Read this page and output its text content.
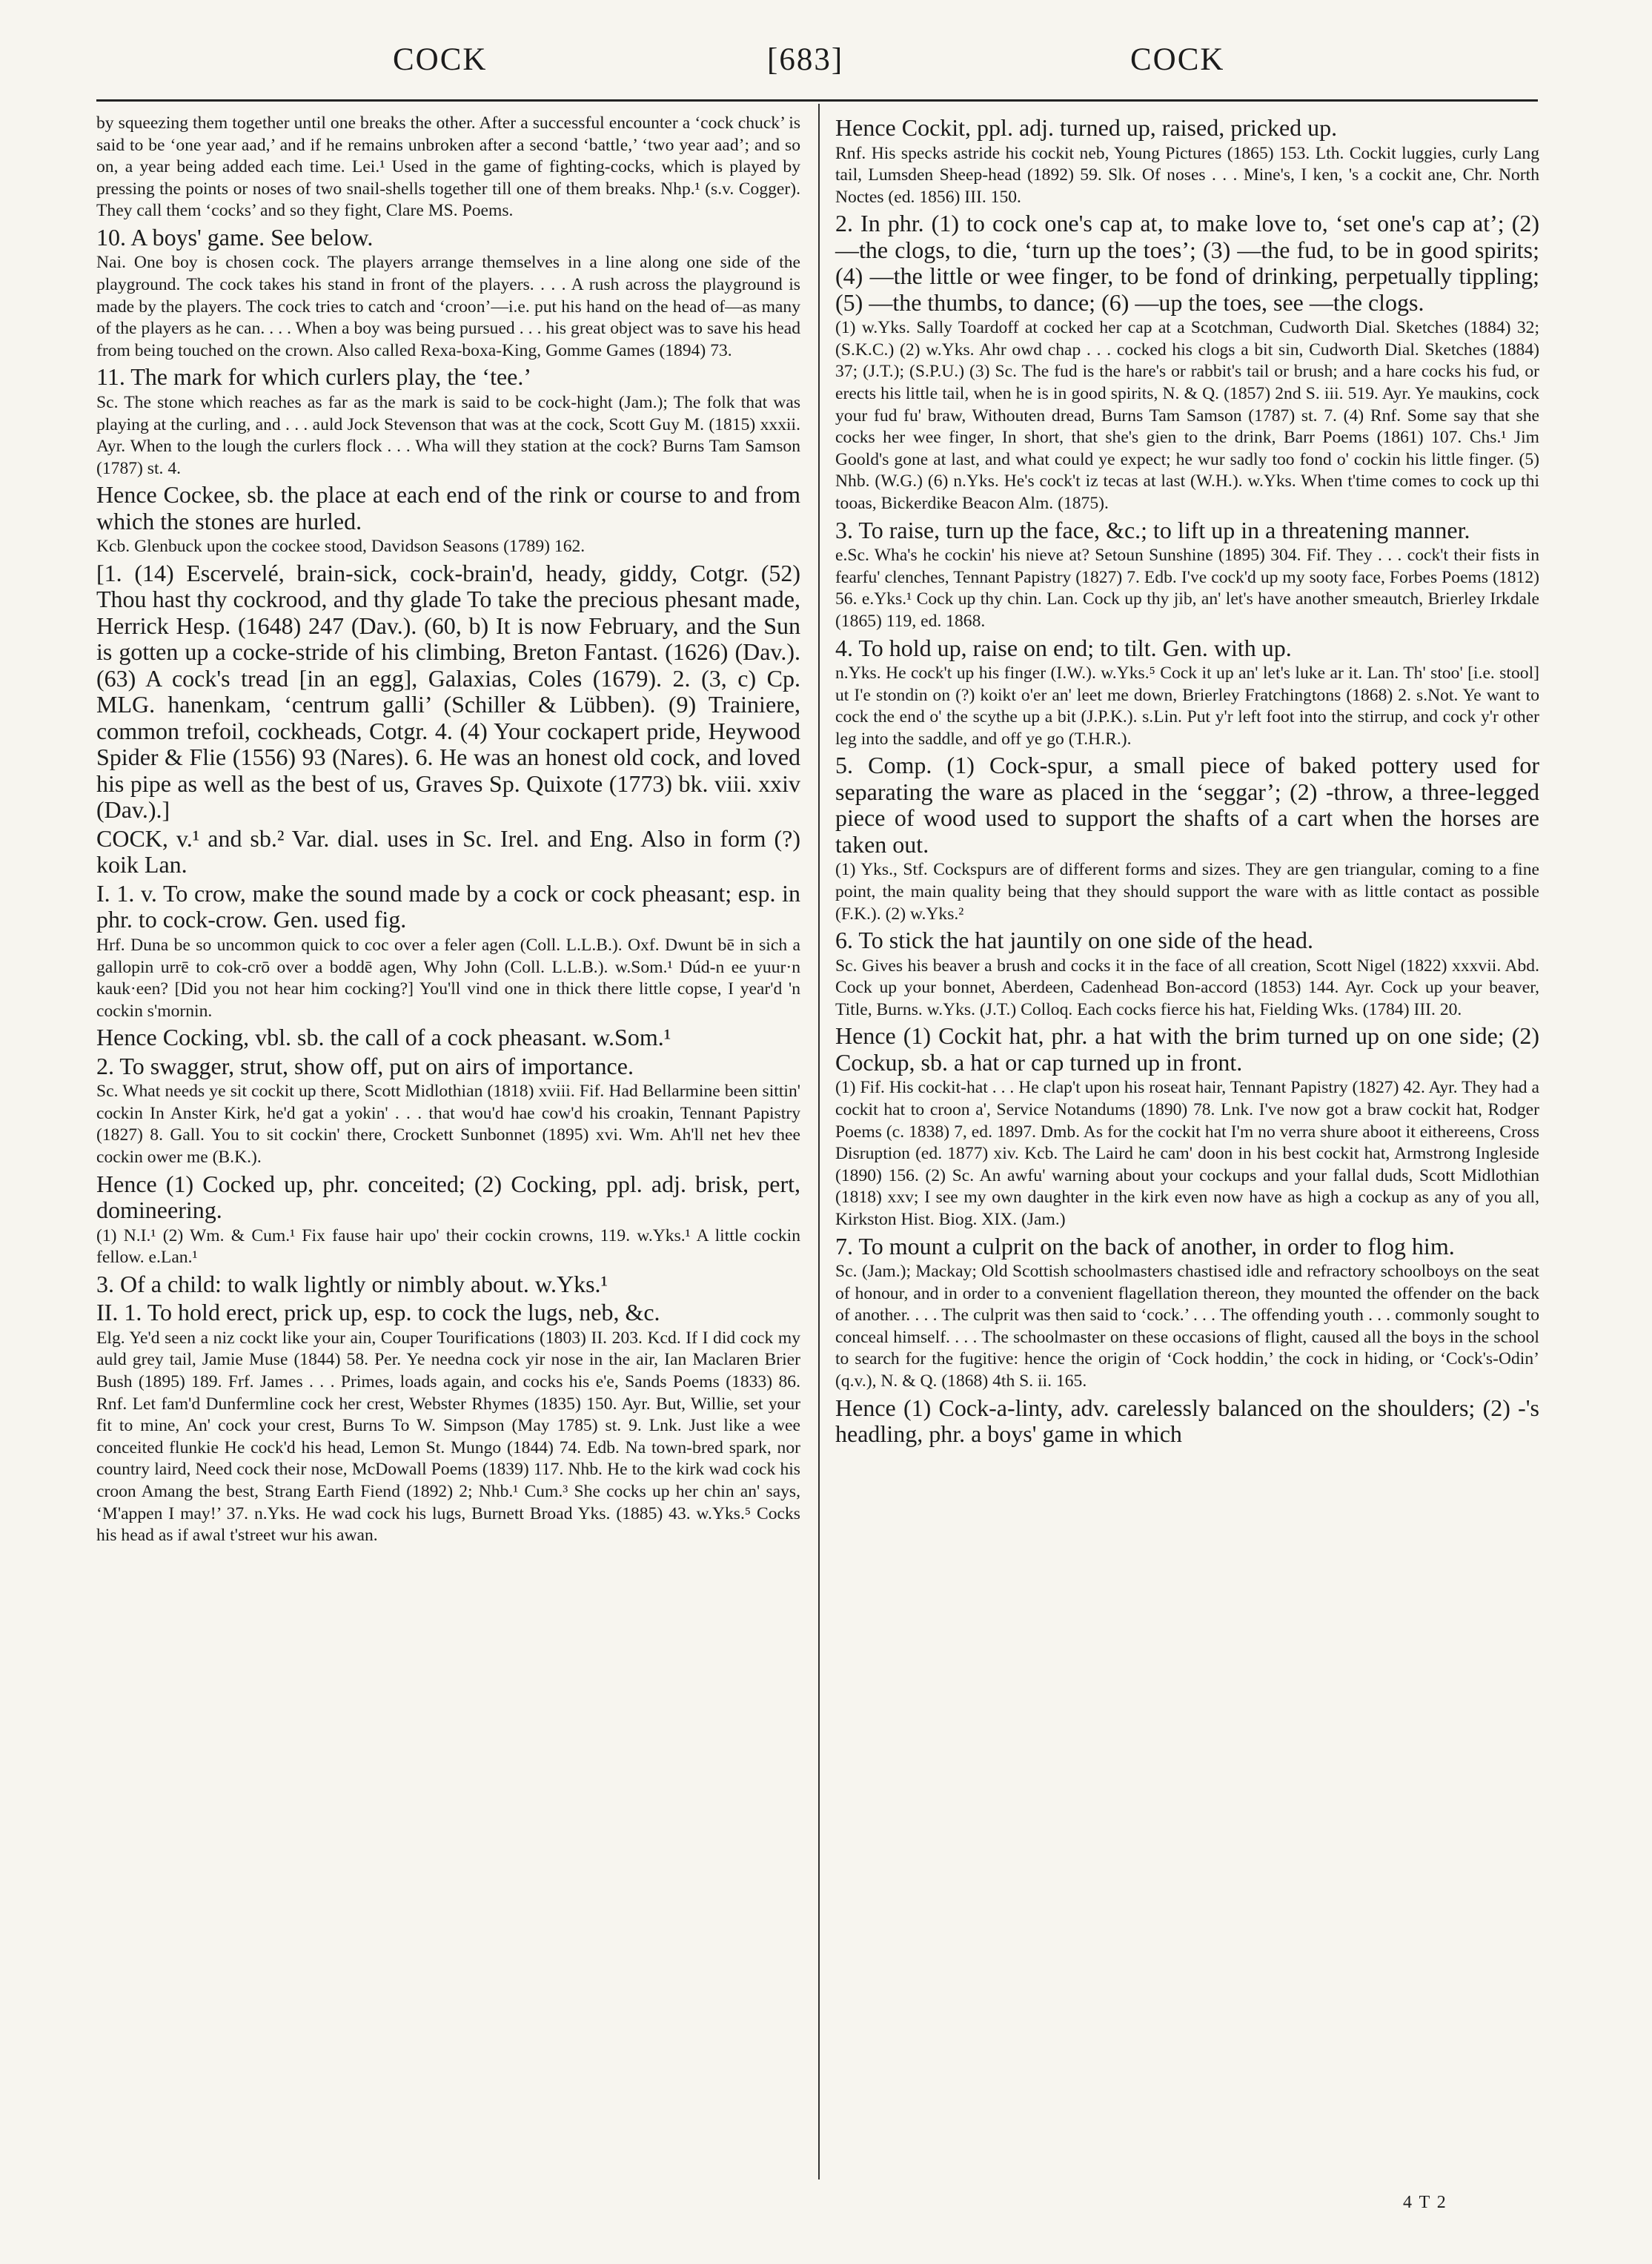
COCK	[683]	COCK

by squeezing them together until one breaks the other. After a successful encounter a ‘cock chuck’ is said to be ‘one year aad,’ and if he remains unbroken after a second ‘battle,’ ‘two year aad’; and so on, a year being added each time. Lei.¹ Used in the game of fighting-cocks, which is played by pressing the points or noses of two snail-shells together till one of them breaks. Nhp.¹ (s.v. Cogger). They call them ‘cocks’ and so they fight, Clare MS. Poems.

10. A boys' game. See below.

Nai. One boy is chosen cock. The players arrange themselves in a line along one side of the playground. The cock takes his stand in front of the players. . . . A rush across the playground is made by the players. The cock tries to catch and ‘croon’—i.e. put his hand on the head of—as many of the players as he can. . . . When a boy was being pursued . . . his great object was to save his head from being touched on the crown. Also called Rexa-boxa-King, Gomme Games (1894) 73.

11. The mark for which curlers play, the ‘tee.’

Sc. The stone which reaches as far as the mark is said to be cock-hight (Jam.); The folk that was playing at the curling, and . . . auld Jock Stevenson that was at the cock, Scott Guy M. (1815) xxxii. Ayr. When to the lough the curlers flock . . . Wha will they station at the cock? Burns Tam Samson (1787) st. 4.

Hence Cockee, sb. the place at each end of the rink or course to and from which the stones are hurled.

Kcb. Glenbuck upon the cockee stood, Davidson Seasons (1789) 162.

[1. (14) Escervelé, brain-sick, cock-brain'd, heady, giddy, Cotgr. (52) Thou hast thy cockrood, and thy glade To take the precious phesant made, Herrick Hesp. (1648) 247 (Dav.). (60, b) It is now February, and the Sun is gotten up a cocke-stride of his climbing, Breton Fantast. (1626) (Dav.). (63) A cock's tread [in an egg], Galaxias, Coles (1679). 2. (3, c) Cp. MLG. hanenkam, ‘centrum galli’ (Schiller & Lübben). (9) Trainiere, common trefoil, cockheads, Cotgr. 4. (4) Your cockapert pride, Heywood Spider & Flie (1556) 93 (Nares). 6. He was an honest old cock, and loved his pipe as well as the best of us, Graves Sp. Quixote (1773) bk. viii. xxiv (Dav.).]

COCK, v.¹ and sb.² Var. dial. uses in Sc. Irel. and Eng. Also in form (?) koik Lan.

I. 1. v. To crow, make the sound made by a cock or cock pheasant; esp. in phr. to cock-crow. Gen. used fig.

Hrf. Duna be so uncommon quick to coc over a feler agen (Coll. L.L.B.). Oxf. Dwunt bē in sich a gallopin urrē to cok-crō over a boddē agen, Why John (Coll. L.L.B.). w.Som.¹ Dúd-n ee yuur·n kauk·een? [Did you not hear him cocking?] You'll vind one in thick there little copse, I year'd 'n cockin s'mornin.

Hence Cocking, vbl. sb. the call of a cock pheasant. w.Som.¹

2. To swagger, strut, show off, put on airs of importance.

Sc. What needs ye sit cockit up there, Scott Midlothian (1818) xviii. Fif. Had Bellarmine been sittin' cockin In Anster Kirk, he'd gat a yokin' . . . that wou'd hae cow'd his croakin, Tennant Papistry (1827) 8. Gall. You to sit cockin' there, Crockett Sunbonnet (1895) xvi. Wm. Ah'll net hev thee cockin ower me (B.K.).

Hence (1) Cocked up, phr. conceited; (2) Cocking, ppl. adj. brisk, pert, domineering.

(1) N.I.¹ (2) Wm. & Cum.¹ Fix fause hair upo' their cockin crowns, 119. w.Yks.¹ A little cockin fellow. e.Lan.¹

3. Of a child: to walk lightly or nimbly about. w.Yks.¹

II. 1. To hold erect, prick up, esp. to cock the lugs, neb, &c.

Elg. Ye'd seen a niz cockt like your ain, Couper Tourifications (1803) II. 203. Kcd. If I did cock my auld grey tail, Jamie Muse (1844) 58. Per. Ye needna cock yir nose in the air, Ian Maclaren Brier Bush (1895) 189. Frf. James . . . Primes, loads again, and cocks his e'e, Sands Poems (1833) 86. Rnf. Let fam'd Dunfermline cock her crest, Webster Rhymes (1835) 150. Ayr. But, Willie, set your fit to mine, An' cock your crest, Burns To W. Simpson (May 1785) st. 9. Lnk. Just like a wee conceited flunkie He cock'd his head, Lemon St. Mungo (1844) 74. Edb. Na town-bred spark, nor country laird, Need cock their nose, McDowall Poems (1839) 117. Nhb. He to the kirk wad cock his croon Amang the best, Strang Earth Fiend (1892) 2; Nhb.¹ Cum.³ She cocks up her chin an' says, ‘M'appen I may!’ 37. n.Yks. He wad cock his lugs, Burnett Broad Yks. (1885) 43. w.Yks.⁵ Cocks his head as if awal t'street wur his awan.

Hence Cockit, ppl. adj. turned up, raised, pricked up.

Rnf. His specks astride his cockit neb, Young Pictures (1865) 153. Lth. Cockit luggies, curly Lang tail, Lumsden Sheep-head (1892) 59. Slk. Of noses . . . Mine's, I ken, 's a cockit ane, Chr. North Noctes (ed. 1856) III. 150.

2. In phr. (1) to cock one's cap at, to make love to, ‘set one's cap at’; (2) —the clogs, to die, ‘turn up the toes’; (3) —the fud, to be in good spirits; (4) —the little or wee finger, to be fond of drinking, perpetually tippling; (5) —the thumbs, to dance; (6) —up the toes, see —the clogs.

(1) w.Yks. Sally Toardoff at cocked her cap at a Scotchman, Cudworth Dial. Sketches (1884) 32; (S.K.C.) (2) w.Yks. Ahr owd chap . . . cocked his clogs a bit sin, Cudworth Dial. Sketches (1884) 37; (J.T.); (S.P.U.) (3) Sc. The fud is the hare's or rabbit's tail or brush; and a hare cocks his fud, or erects his little tail, when he is in good spirits, N. & Q. (1857) 2nd S. iii. 519. Ayr. Ye maukins, cock your fud fu' braw, Withouten dread, Burns Tam Samson (1787) st. 7. (4) Rnf. Some say that she cocks her wee finger, In short, that she's gien to the drink, Barr Poems (1861) 107. Chs.¹ Jim Goold's gone at last, and what could ye expect; he wur sadly too fond o' cockin his little finger. (5) Nhb. (W.G.) (6) n.Yks. He's cock't iz tecas at last (W.H.). w.Yks. When t'time comes to cock up thi tooas, Bickerdike Beacon Alm. (1875).

3. To raise, turn up the face, &c.; to lift up in a threatening manner.

e.Sc. Wha's he cockin' his nieve at? Setoun Sunshine (1895) 304. Fif. They . . . cock't their fists in fearfu' clenches, Tennant Papistry (1827) 7. Edb. I've cock'd up my sooty face, Forbes Poems (1812) 56. e.Yks.¹ Cock up thy chin. Lan. Cock up thy jib, an' let's have another smeautch, Brierley Irkdale (1865) 119, ed. 1868.

4. To hold up, raise on end; to tilt. Gen. with up.

n.Yks. He cock't up his finger (I.W.). w.Yks.⁵ Cock it up an' let's luke ar it. Lan. Th' stoo' [i.e. stool] ut I'e stondin on (?) koikt o'er an' leet me down, Brierley Fratchingtons (1868) 2. s.Not. Ye want to cock the end o' the scythe up a bit (J.P.K.). s.Lin. Put y'r left foot into the stirrup, and cock y'r other leg into the saddle, and off ye go (T.H.R.).

5. Comp. (1) Cock-spur, a small piece of baked pottery used for separating the ware as placed in the ‘seggar’; (2) -throw, a three-legged piece of wood used to support the shafts of a cart when the horses are taken out.

(1) Yks., Stf. Cockspurs are of different forms and sizes. They are gen triangular, coming to a fine point, the main quality being that they should support the ware with as little contact as possible (F.K.). (2) w.Yks.²

6. To stick the hat jauntily on one side of the head.

Sc. Gives his beaver a brush and cocks it in the face of all creation, Scott Nigel (1822) xxxvii. Abd. Cock up your bonnet, Aberdeen, Cadenhead Bon-accord (1853) 144. Ayr. Cock up your beaver, Title, Burns. w.Yks. (J.T.) Colloq. Each cocks fierce his hat, Fielding Wks. (1784) III. 20.

Hence (1) Cockit hat, phr. a hat with the brim turned up on one side; (2) Cockup, sb. a hat or cap turned up in front.

(1) Fif. His cockit-hat . . . He clap't upon his roseat hair, Tennant Papistry (1827) 42. Ayr. They had a cockit hat to croon a', Service Notandums (1890) 78. Lnk. I've now got a braw cockit hat, Rodger Poems (c. 1838) 7, ed. 1897. Dmb. As for the cockit hat I'm no verra shure aboot it eithereens, Cross Disruption (ed. 1877) xiv. Kcb. The Laird he cam' doon in his best cockit hat, Armstrong Ingleside (1890) 156. (2) Sc. An awfu' warning about your cockups and your fallal duds, Scott Midlothian (1818) xxv; I see my own daughter in the kirk even now have as high a cockup as any of you all, Kirkston Hist. Biog. XIX. (Jam.)

7. To mount a culprit on the back of another, in order to flog him.

Sc. (Jam.); Mackay; Old Scottish schoolmasters chastised idle and refractory schoolboys on the seat of honour, and in order to a convenient flagellation thereon, they mounted the offender on the back of another. . . . The culprit was then said to ‘cock.’ . . . The offending youth . . . commonly sought to conceal himself. . . . The schoolmaster on these occasions of flight, caused all the boys in the school to search for the fugitive: hence the origin of ‘Cock hoddin,’ the cock in hiding, or ‘Cock's-Odin’ (q.v.), N. & Q. (1868) 4th S. ii. 165.

Hence (1) Cock-a-linty, adv. carelessly balanced on the shoulders; (2) -'s headling, phr. a boys' game in which

4 T 2
